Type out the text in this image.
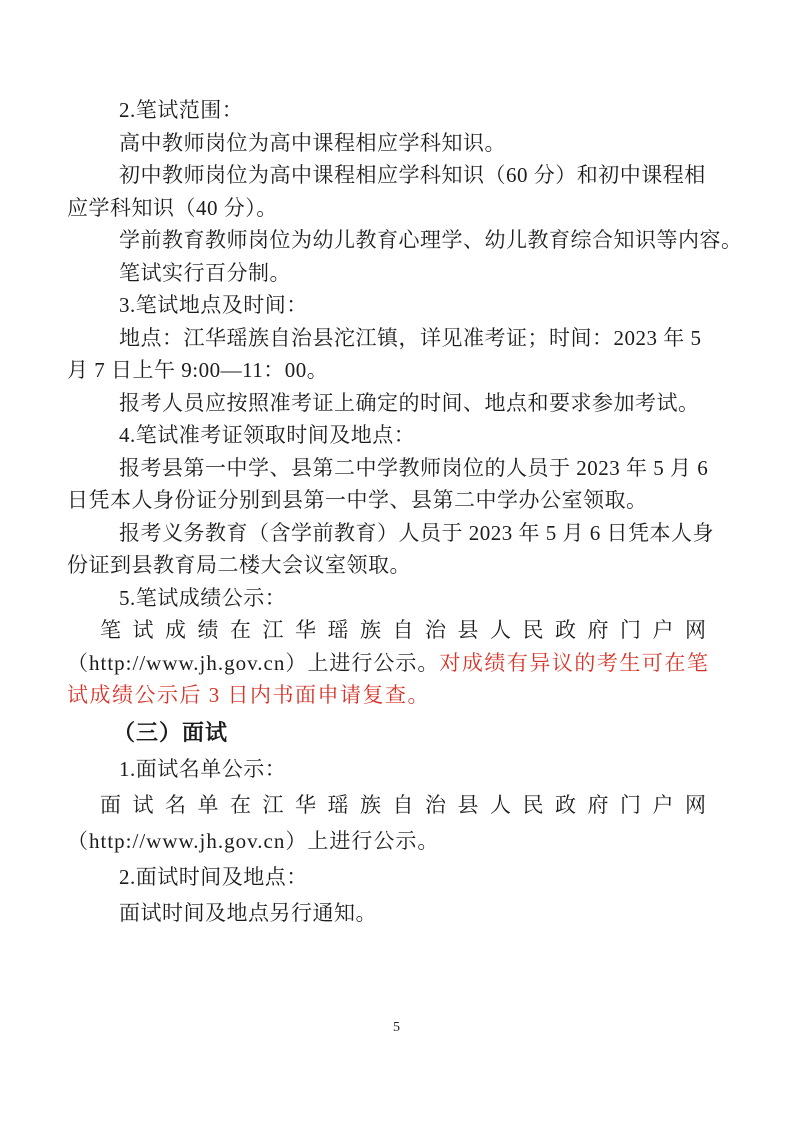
2.笔试范围：
高中教师岗位为高中课程相应学科知识。
初中教师岗位为高中课程相应学科知识（60 分）和初中课程相
应学科知识（40 分）。
学前教育教师岗位为幼儿教育心理学、幼儿教育综合知识等内容。
笔试实行百分制。
3.笔试地点及时间：
地点：江华瑶族自治县沱江镇，详见准考证；时间：2023 年 5
月 7 日上午 9:00—11：00。
报考人员应按照准考证上确定的时间、地点和要求参加考试。
4.笔试准考证领取时间及地点：
报考县第一中学、县第二中学教师岗位的人员于 2023 年 5 月 6
日凭本人身份证分别到县第一中学、县第二中学办公室领取。
报考义务教育（含学前教育）人员于 2023 年 5 月 6 日凭本人身
份证到县教育局二楼大会议室领取。
5.笔试成绩公示：
笔试成绩在江华瑶族自治县人民政府门户网
（http://www.jh.gov.cn）上进行公示。对成绩有异议的考生可在笔
试成绩公示后 3 日内书面申请复查。
（三）面试
1.面试名单公示：
面试名单在江华瑶族自治县人民政府门户网
（http://www.jh.gov.cn）上进行公示。
2.面试时间及地点：
面试时间及地点另行通知。
5
